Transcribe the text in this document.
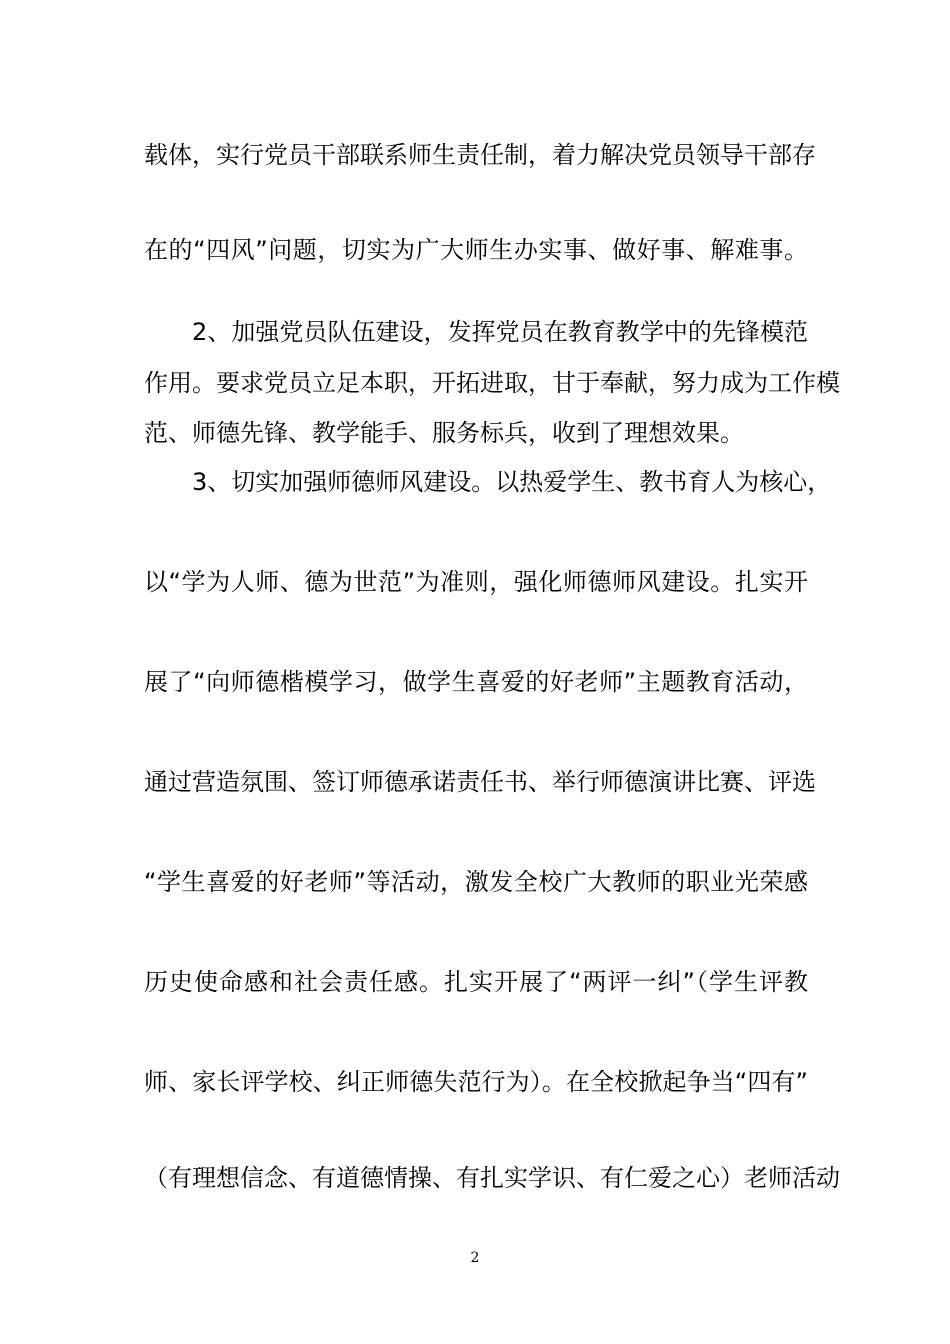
载体，实行党员干部联系师生责任制，着力解决党员领导干部存
在的“四风”问题，切实为广大师生办实事、做好事、解难事。
2、加强党员队伍建设，发挥党员在教育教学中的先锋模范
作用。要求党员立足本职，开拓进取，甘于奉献，努力成为工作模
范、师德先锋、教学能手、服务标兵，收到了理想效果。
3、切实加强师德师风建设。以热爱学生、教书育人为核心，
以“学为人师、德为世范”为准则，强化师德师风建设。扎实开
展了“向师德楷模学习，做学生喜爱的好老师”主题教育活动，
通过营造氛围、签订师德承诺责任书、举行师德演讲比赛、评选
“学生喜爱的好老师”等活动，激发全校广大教师的职业光荣感
历史使命感和社会责任感。扎实开展了“两评一纠”（学生评教
师、家长评学校、纠正师德失范行为）。在全校掀起争当“四有”
（有理想信念、有道德情操、有扎实学识、有仁爱之心）老师活动
2
